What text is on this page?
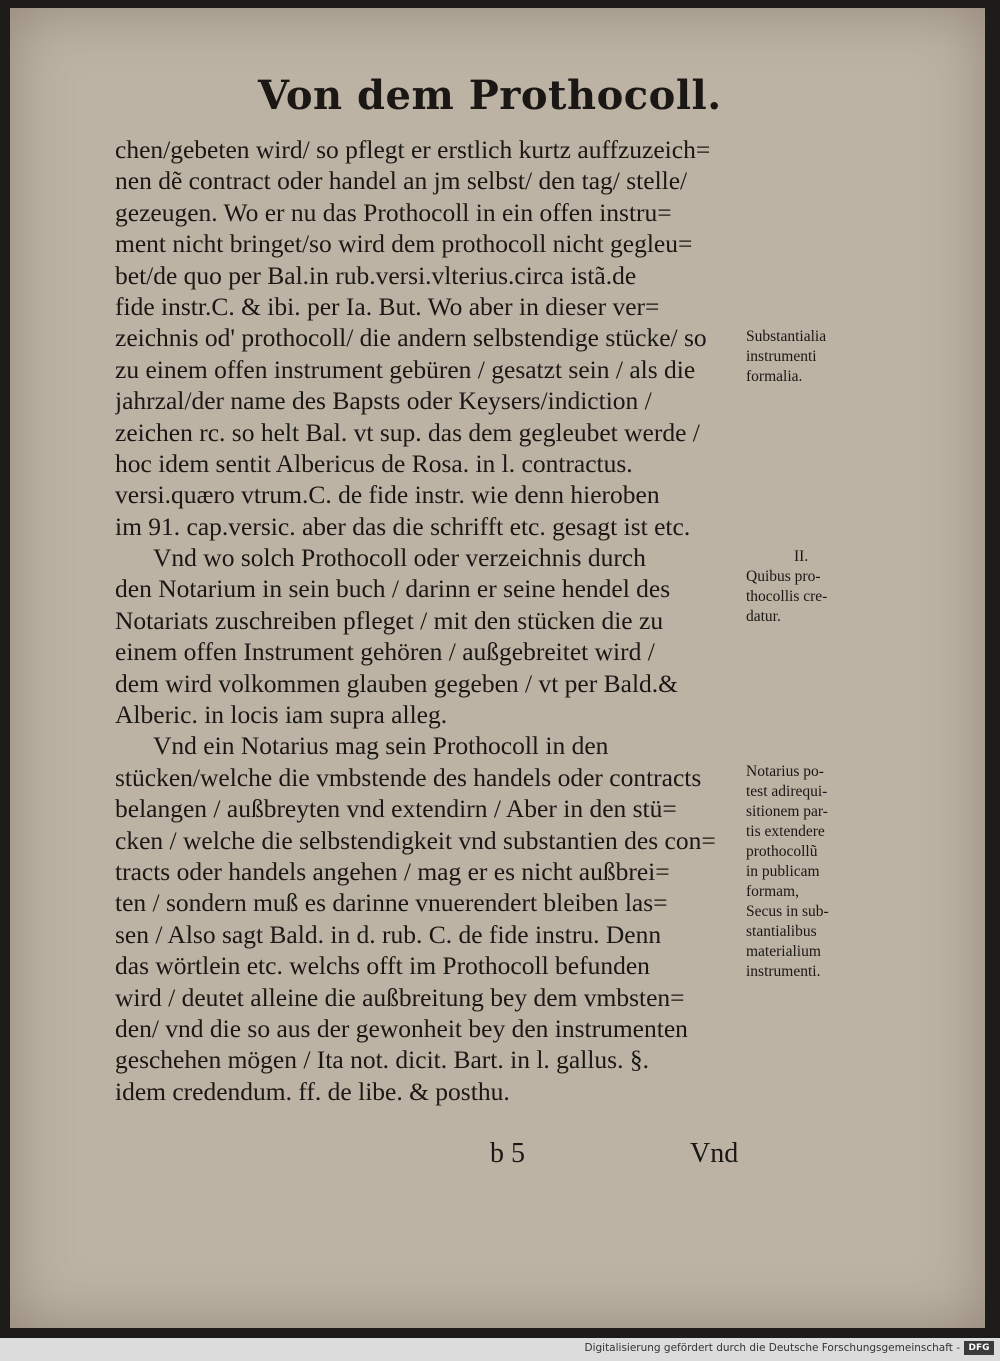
Von dem Prothocoll.
chen/gebeten wird/ so pflegt er erstlich kurtz auffzuzeich=
nen dẽ contract oder handel an jm selbst/ den tag/ stelle/
gezeugen. Wo er nu das Prothocoll in ein offen instru=
ment nicht bringet/so wird dem prothocoll nicht gegleu=
bet/de quo per Bal.in rub.versi.vlterius.circa istã.de
fide instr.C. & ibi. per Ia. But. Wo aber in dieser ver=
zeichnis od' prothocoll/ die andern selbstendige stücke/ so
zu einem offen instrument gebüren / gesatzt sein / als die
jahrzal/der name des Bapsts oder Keysers/indiction /
zeichen rc. so helt Bal. vt sup. das dem gegleubet werde /
hoc idem sentit Albericus de Rosa. in l. contractus.
versi.quæro vtrum.C. de fide instr. wie denn hieroben
im 91. cap.versic. aber das die schrifft etc. gesagt ist etc.
Vnd wo solch Prothocoll oder verzeichnis durch
den Notarium in sein buch / darinn er seine hendel des
Notariats zuschreiben pfleget / mit den stücken die zu
einem offen Instrument gehören / außgebreitet wird /
dem wird volkommen glauben gegeben / vt per Bald.&
Alberic. in locis iam supra alleg.
Vnd ein Notarius mag sein Prothocoll in den
stücken/welche die vmbstende des handels oder contracts
belangen / außbreyten vnd extendirn / Aber in den stü=
cken / welche die selbstendigkeit vnd substantien des con=
tracts oder handels angehen / mag er es nicht außbrei=
ten / sondern muß es darinne vnuerendert bleiben las=
sen / Also sagt Bald. in d. rub. C. de fide instru. Denn
das wörtlein etc. welchs offt im Prothocoll befunden
wird / deutet alleine die außbreitung bey dem vmbsten=
den/ vnd die so aus der gewonheit bey den instrumenten
geschehen mögen / Ita not. dicit. Bart. in l. gallus. §.
idem credendum. ff. de libe. & posthu.
Substantialia
instrumenti
formalia.
II.
Quibus pro-
thocollis cre-
datur.
Notarius po-
test adirequi-
sitionem par-
tis extendere
prothocollũ
in publicam
formam,
Secus in sub-
stantialibus
materialium
instrumenti.
b 5	Vnd
Digitalisierung gefördert durch die Deutsche Forschungsgemeinschaft - DFG
